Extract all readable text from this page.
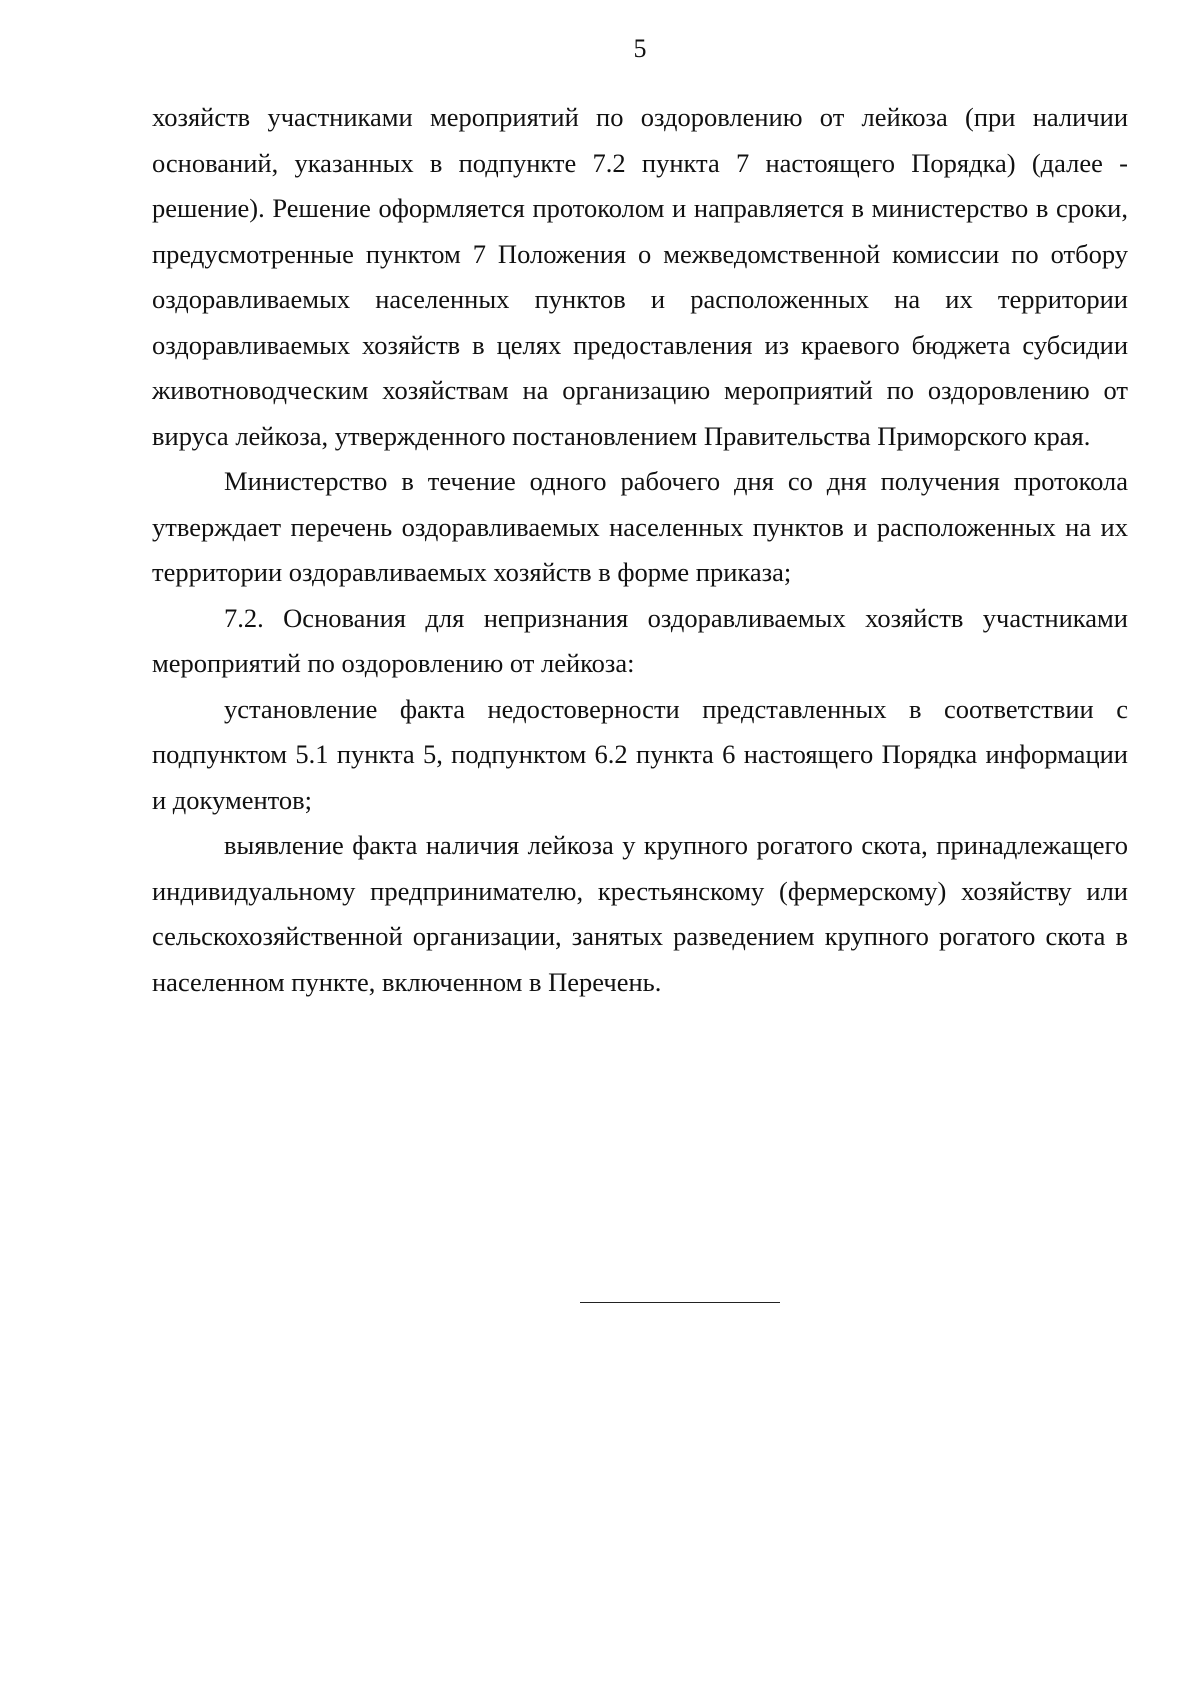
5

хозяйств участниками мероприятий по оздоровлению от лейкоза (при наличии оснований, указанных в подпункте 7.2 пункта 7 настоящего Порядка) (далее - решение). Решение оформляется протоколом и направляется в министерство в сроки, предусмотренные пунктом 7 Положения о межведомственной комиссии по отбору оздоравливаемых населенных пунктов и расположенных на их территории оздоравливаемых хозяйств в целях предоставления из краевого бюджета субсидии животноводческим хозяйствам на организацию мероприятий по оздоровлению от вируса лейкоза, утвержденного постановлением Правительства Приморского края.

Министерство в течение одного рабочего дня со дня получения протокола утверждает перечень оздоравливаемых населенных пунктов и расположенных на их территории оздоравливаемых хозяйств в форме приказа;

7.2. Основания для непризнания оздоравливаемых хозяйств участниками мероприятий по оздоровлению от лейкоза:

установление факта недостоверности представленных в соответствии с подпунктом 5.1 пункта 5, подпунктом 6.2 пункта 6 настоящего Порядка информации и документов;

выявление факта наличия лейкоза у крупного рогатого скота, принадлежащего индивидуальному предпринимателю, крестьянскому (фермерскому) хозяйству или сельскохозяйственной организации, занятых разведением крупного рогатого скота в населенном пункте, включенном в Перечень.
